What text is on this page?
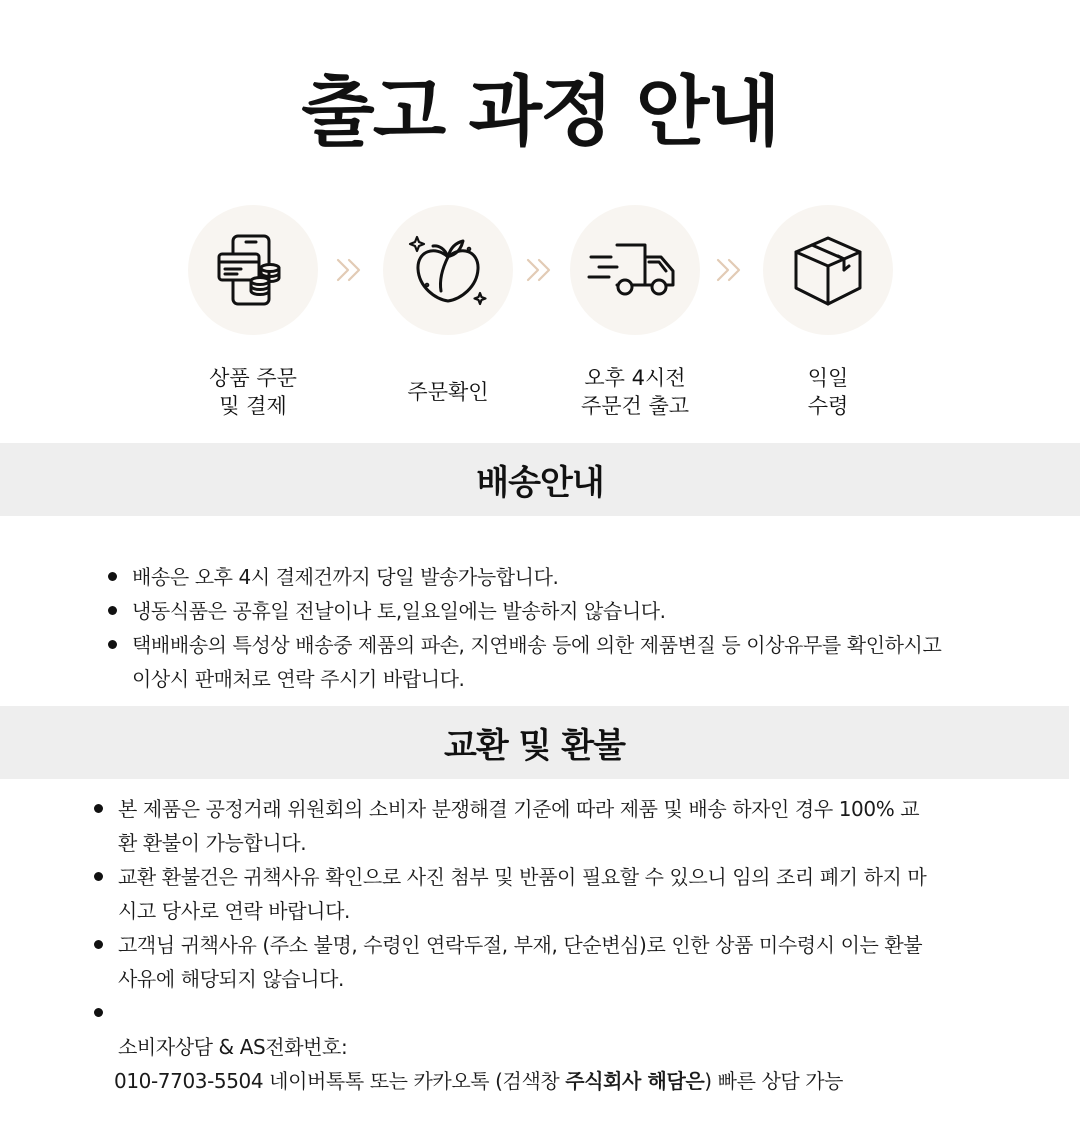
출고 과정 안내
상품 주문
및 결제
주문확인
오후 4시전
주문건 출고
익일
수령
배송안내
배송은 오후 4시 결제건까지 당일 발송가능합니다.
냉동식품은 공휴일 전날이나 토,일요일에는 발송하지 않습니다.
택배배송의 특성상 배송중 제품의 파손, 지연배송 등에 의한 제품변질 등 이상유무를 확인하시고
이상시 판매처로 연락 주시기 바랍니다.
교환 및 환불
본 제품은 공정거래 위원회의 소비자 분쟁해결 기준에 따라 제품 및 배송 하자인 경우 100% 교
환 환불이 가능합니다.
교환 환불건은 귀책사유 확인으로 사진 첨부 및 반품이 필요할 수 있으니 임의 조리 폐기 하지 마
시고 당사로 연락 바랍니다.
고객님 귀책사유 (주소 불명, 수령인 연락두절, 부재, 단순변심)로 인한 상품 미수령시 이는 환불
사유에 해당되지 않습니다.

소비자상담 & AS전화번호:

010-7703-5504 네이버톡톡 또는 카카오톡 (검색창 주식회사 해담은) 빠른 상담 가능
